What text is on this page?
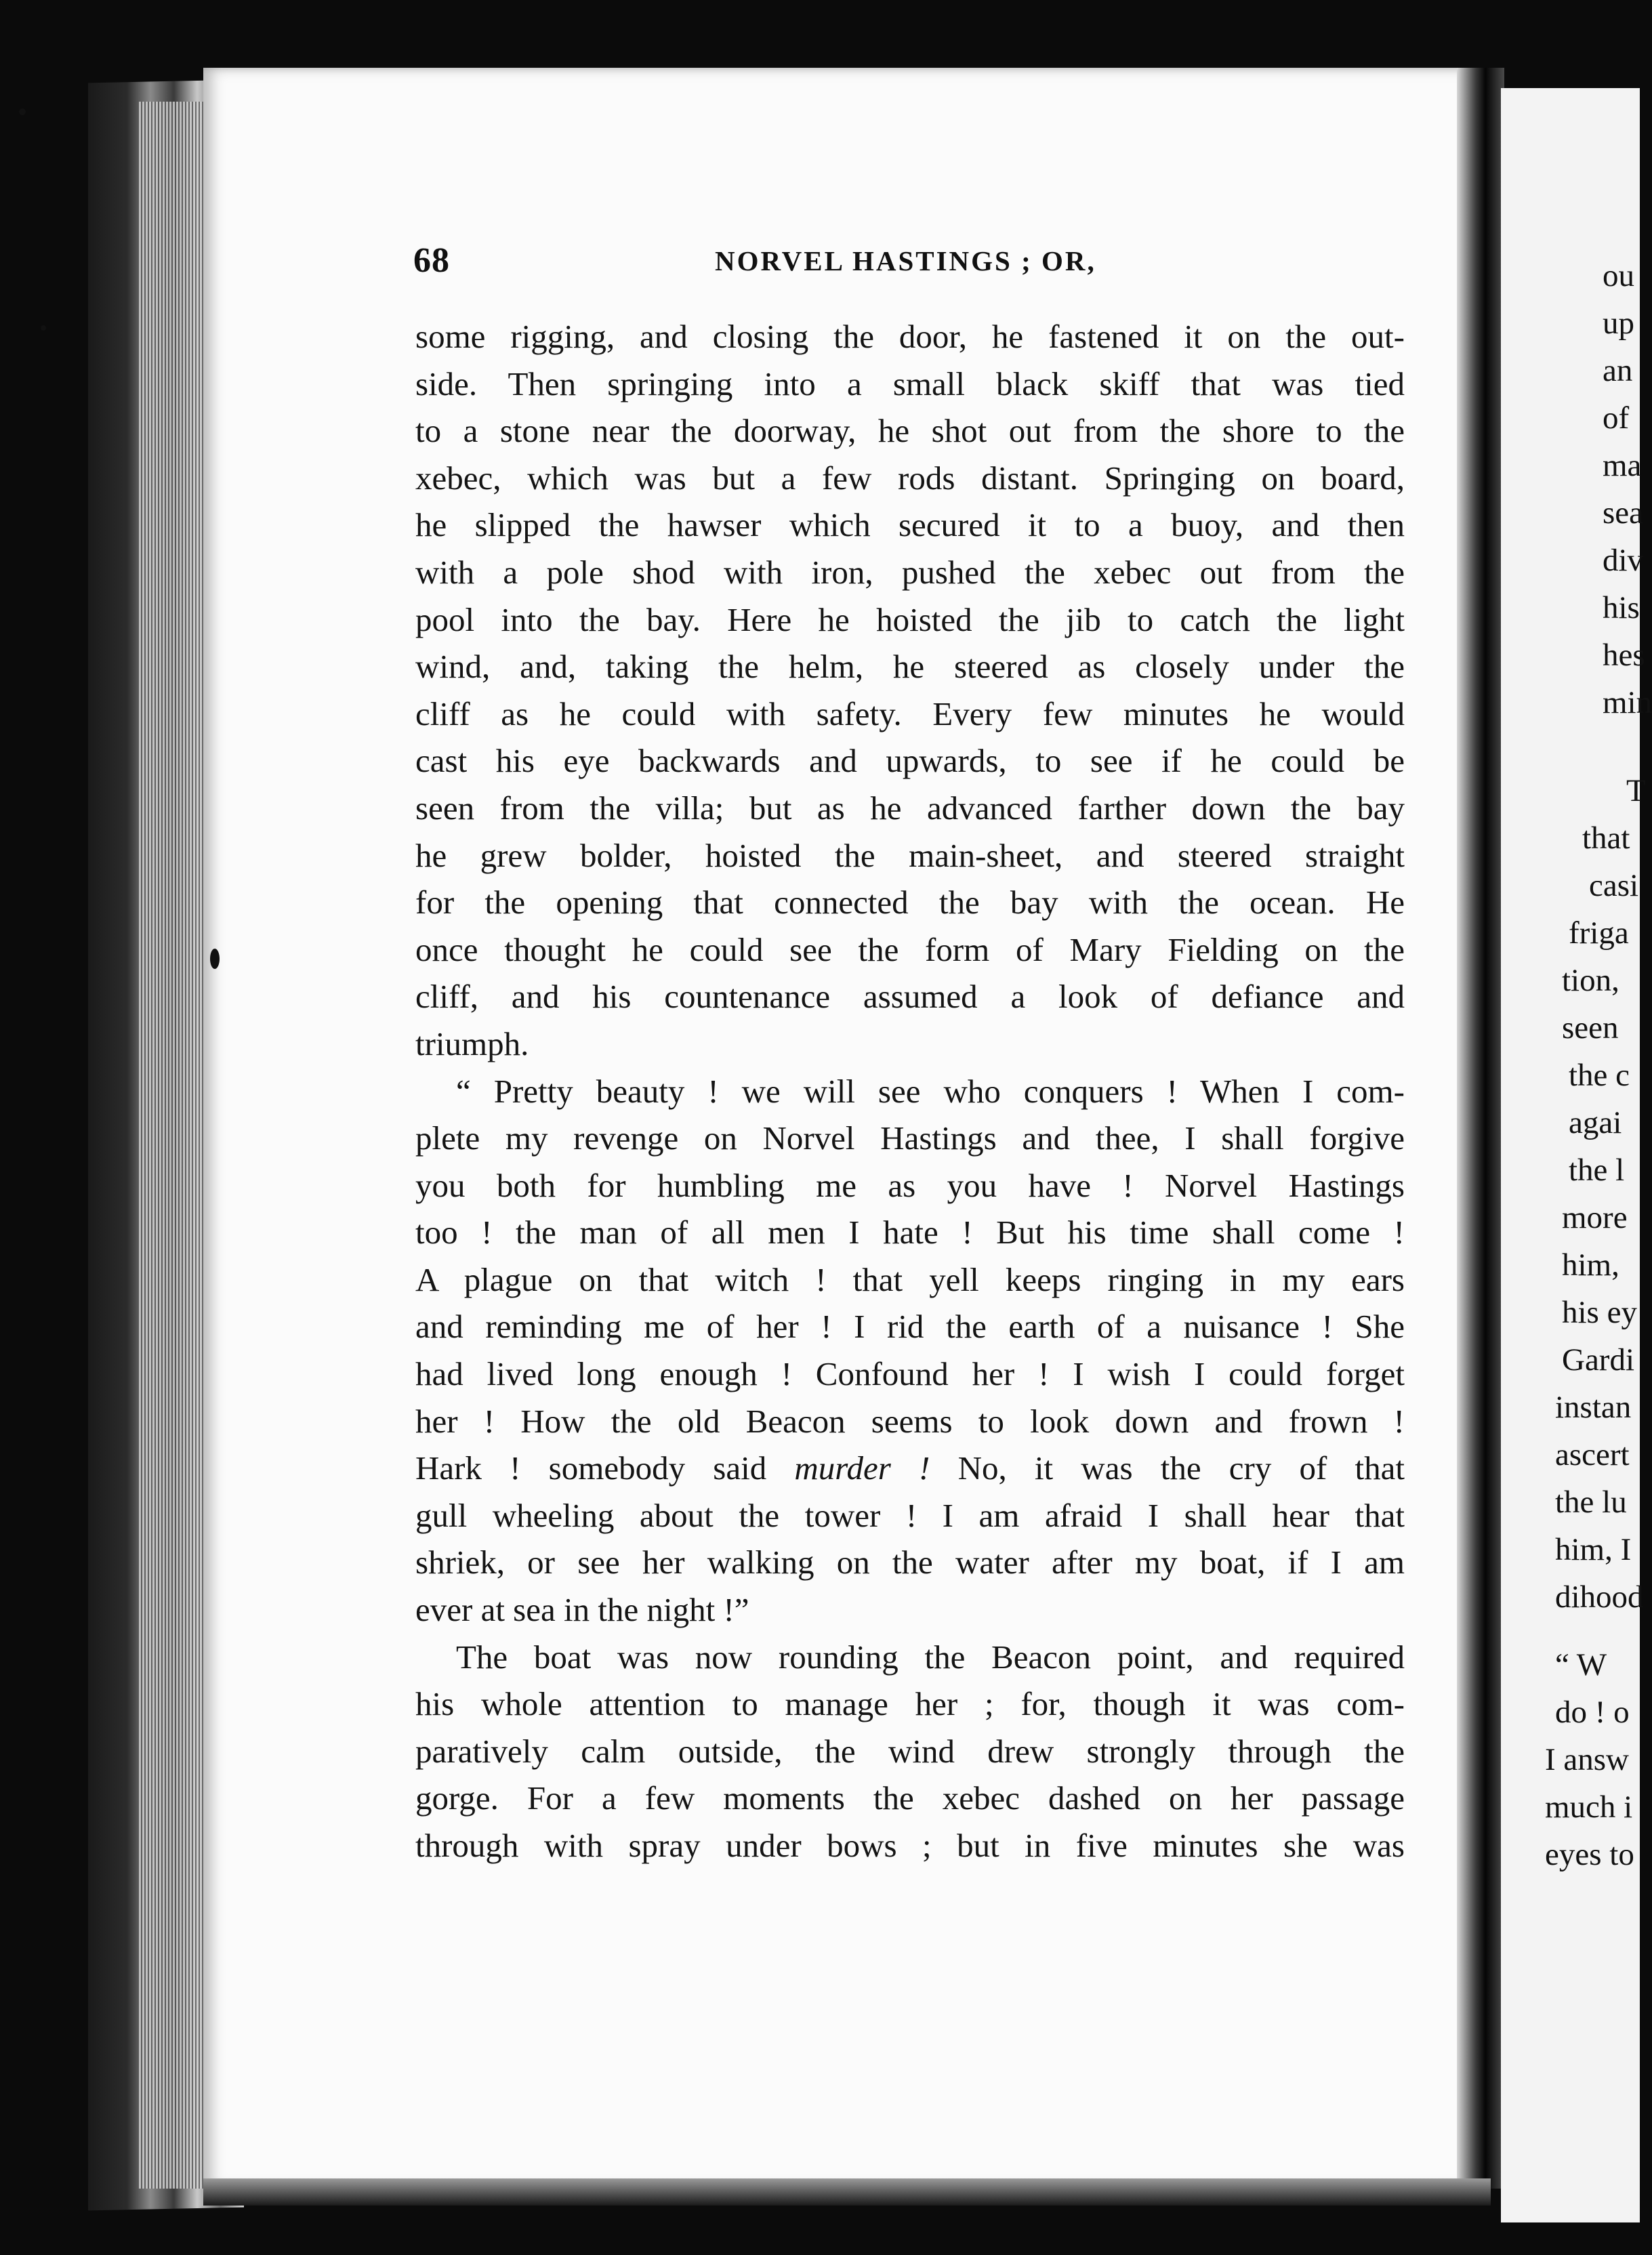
ou
up
an
of
ma
sea
div
his
hes
min
T
that
casi
friga
tion,
seen
the c
agai
the l
more
him,
his ey
Gardi
instan
ascert
the lu
him, I
dihood
“ W
do ! o
I answ
much i
eyes to
68	NORVEL HASTINGS ; OR,
some rigging, and closing the door, he fastened it on the out-
side. Then springing into a small black skiff that was tied
to a stone near the doorway, he shot out from the shore to the
xebec, which was but a few rods distant. Springing on board,
he slipped the hawser which secured it to a buoy, and then
with a pole shod with iron, pushed the xebec out from the
pool into the bay. Here he hoisted the jib to catch the light
wind, and, taking the helm, he steered as closely under the
cliff as he could with safety. Every few minutes he would
cast his eye backwards and upwards, to see if he could be
seen from the villa; but as he advanced farther down the bay
he grew bolder, hoisted the main-sheet, and steered straight
for the opening that connected the bay with the ocean. He
once thought he could see the form of Mary Fielding on the
cliff, and his countenance assumed a look of defiance and
triumph.
“ Pretty beauty ! we will see who conquers ! When I com-
plete my revenge on Norvel Hastings and thee, I shall forgive
you both for humbling me as you have ! Norvel Hastings
too ! the man of all men I hate ! But his time shall come !
A plague on that witch ! that yell keeps ringing in my ears
and reminding me of her ! I rid the earth of a nuisance ! She
had lived long enough ! Confound her ! I wish I could forget
her ! How the old Beacon seems to look down and frown !
Hark ! somebody said murder ! No, it was the cry of that
gull wheeling about the tower ! I am afraid I shall hear that
shriek, or see her walking on the water after my boat, if I am
ever at sea in the night !”
The boat was now rounding the Beacon point, and required
his whole attention to manage her ; for, though it was com-
paratively calm outside, the wind drew strongly through the
gorge. For a few moments the xebec dashed on her passage
through with spray under bows ; but in five minutes she was
